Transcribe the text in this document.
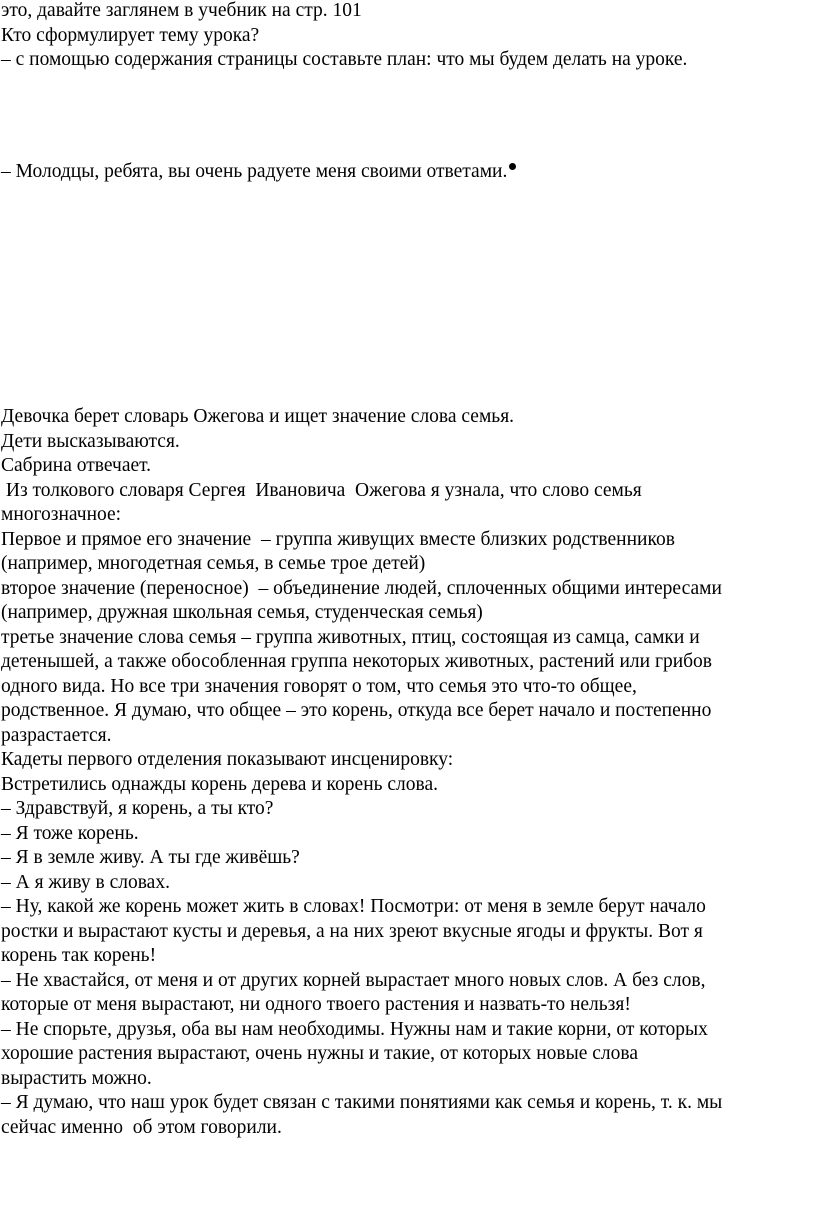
это, давайте заглянем в учебник на стр. 101
Кто сформулирует тему урока?
– с помощью содержания страницы составьте план: что мы будем делать на уроке.
– Молодцы, ребята, вы очень радуете меня своими ответами.
Девочка берет словарь Ожегова и ищет значение слова семья.
Дети высказываются.
Сабрина отвечает.
Из толкового словаря Сергея  Ивановича  Ожегова я узнала, что слово семья
многозначное:
Первое и прямое его значение  – группа живущих вместе близких родственников
(например, многодетная семья, в семье трое детей)
второе значение (переносное)  – объединение людей, сплоченных общими интересами
(например, дружная школьная семья, студенческая семья)
третье значение слова семья – группа животных, птиц, состоящая из самца, самки и
детенышей, а также обособленная группа некоторых животных, растений или грибов
одного вида. Но все три значения говорят о том, что семья это что-то общее,
родственное. Я думаю, что общее – это корень, откуда все берет начало и постепенно
разрастается.
Кадеты первого отделения показывают инсценировку:
Встретились однажды корень дерева и корень слова.
– Здравствуй, я корень, а ты кто?
– Я тоже корень.
– Я в земле живу. А ты где живёшь?
– А я живу в словах.
– Ну, какой же корень может жить в словах! Посмотри: от меня в земле берут начало
ростки и вырастают кусты и деревья, а на них зреют вкусные ягоды и фрукты. Вот я
корень так корень!
– Не хвастайся, от меня и от других корней вырастает много новых слов. А без слов,
которые от меня вырастают, ни одного твоего растения и назвать-то нельзя!
– Не спорьте, друзья, оба вы нам необходимы. Нужны нам и такие корни, от которых
хорошие растения вырастают, очень нужны и такие, от которых новые слова
вырастить можно.
– Я думаю, что наш урок будет связан с такими понятиями как семья и корень, т. к. мы
сейчас именно  об этом говорили.
